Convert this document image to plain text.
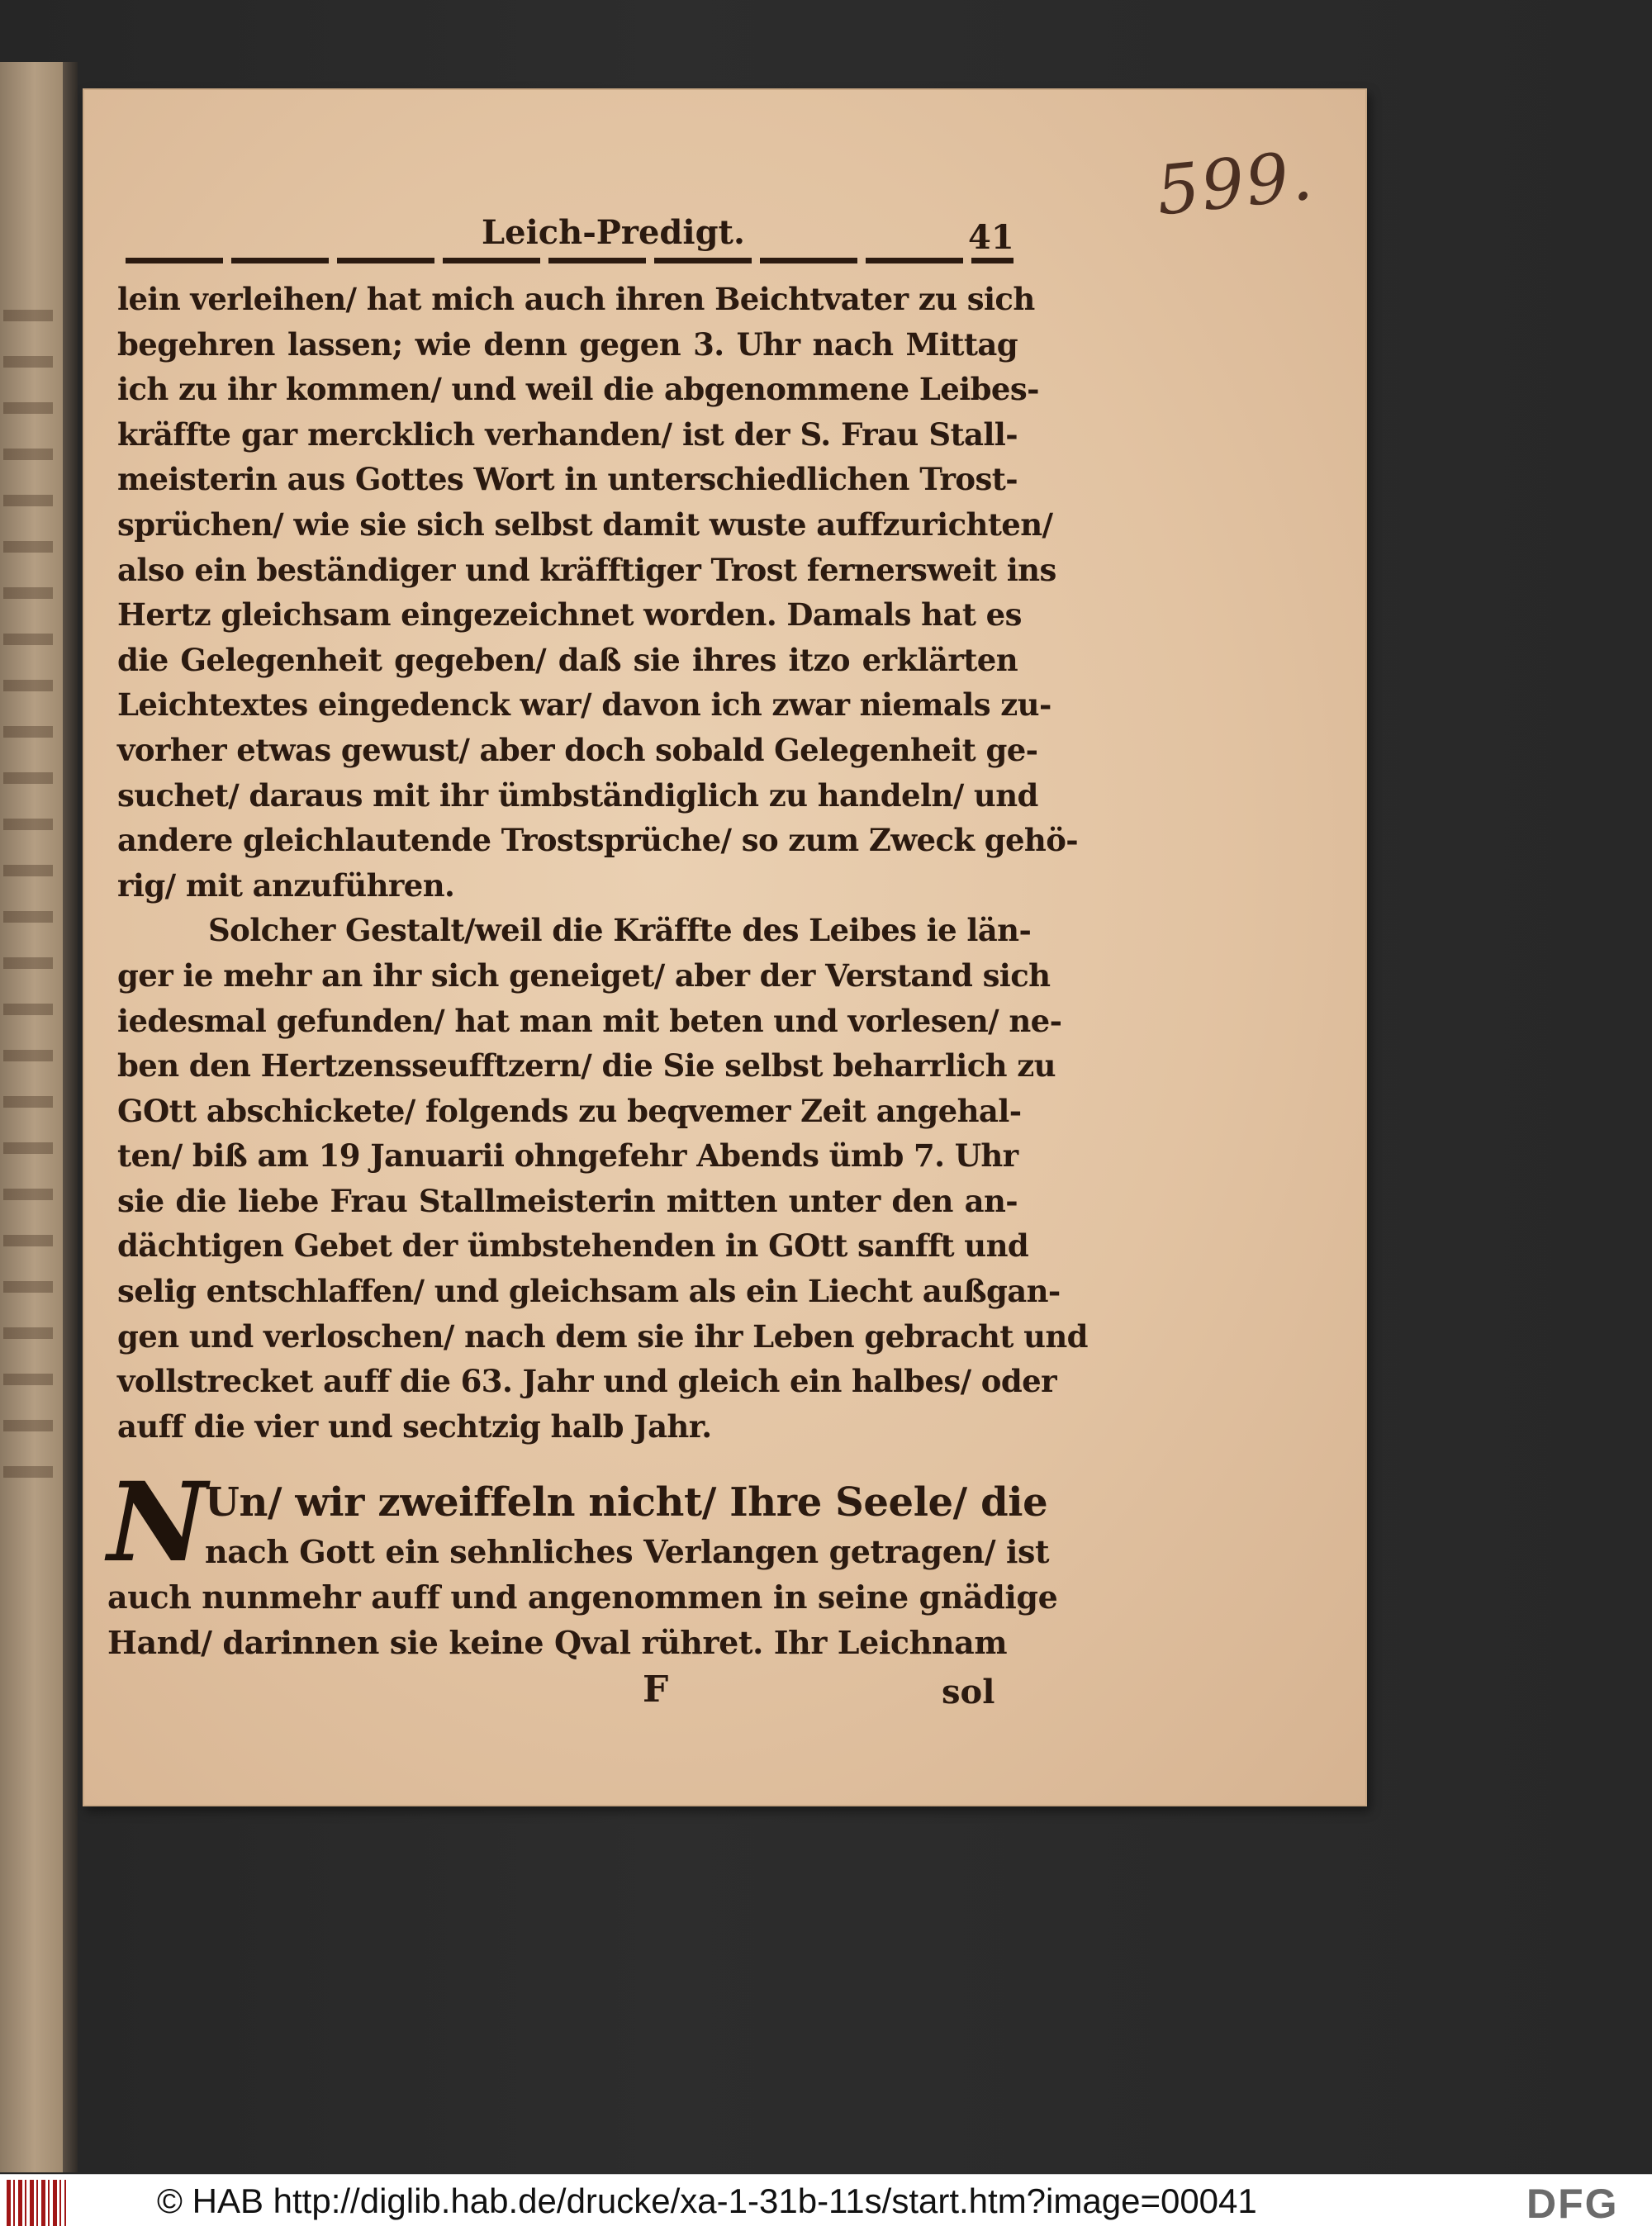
599.
Leich-Predigt.	41
lein verleihen/ hat mich auch ihren Beichtvater zu sich
begehren lassen; wie denn gegen 3. Uhr nach Mittag
ich zu ihr kommen/ und weil die abgenommene Leibes-
kräffte gar mercklich verhanden/ ist der S. Frau Stall-
meisterin aus Gottes Wort in unterschiedlichen Trost-
sprüchen/ wie sie sich selbst damit wuste auffzurichten/
also ein beständiger und kräfftiger Trost fernersweit ins
Hertz gleichsam eingezeichnet worden. Damals hat es
die Gelegenheit gegeben/ daß sie ihres itzo erklärten
Leichtextes eingedenck war/ davon ich zwar niemals zu-
vorher etwas gewust/ aber doch sobald Gelegenheit ge-
suchet/ daraus mit ihr ümbständiglich zu handeln/ und
andere gleichlautende Trostsprüche/ so zum Zweck gehö-
rig/ mit anzuführen.
Solcher Gestalt/weil die Kräffte des Leibes ie län-
ger ie mehr an ihr sich geneiget/ aber der Verstand sich
iedesmal gefunden/ hat man mit beten und vorlesen/ ne-
ben den Hertzensseufftzern/ die Sie selbst beharrlich zu
GOtt abschickete/ folgends zu beqvemer Zeit angehal-
ten/ biß am 19 Januarii ohngefehr Abends ümb 7. Uhr
sie die liebe Frau Stallmeisterin mitten unter den an-
dächtigen Gebet der ümbstehenden in GOtt sanfft und
selig entschlaffen/ und gleichsam als ein Liecht außgan-
gen und verloschen/ nach dem sie ihr Leben gebracht und
vollstrecket auff die 63. Jahr und gleich ein halbes/ oder
auff die vier und sechtzig halb Jahr.
N
Un/ wir zweiffeln nicht/ Ihre Seele/ die
nach Gott ein sehnliches Verlangen getragen/ ist
auch nunmehr auff und angenommen in seine gnädige
Hand/ darinnen sie keine Qval rühret. Ihr Leichnam
F	sol
© HAB http://diglib.hab.de/drucke/xa-1-31b-11s/start.htm?image=00041	DFG
